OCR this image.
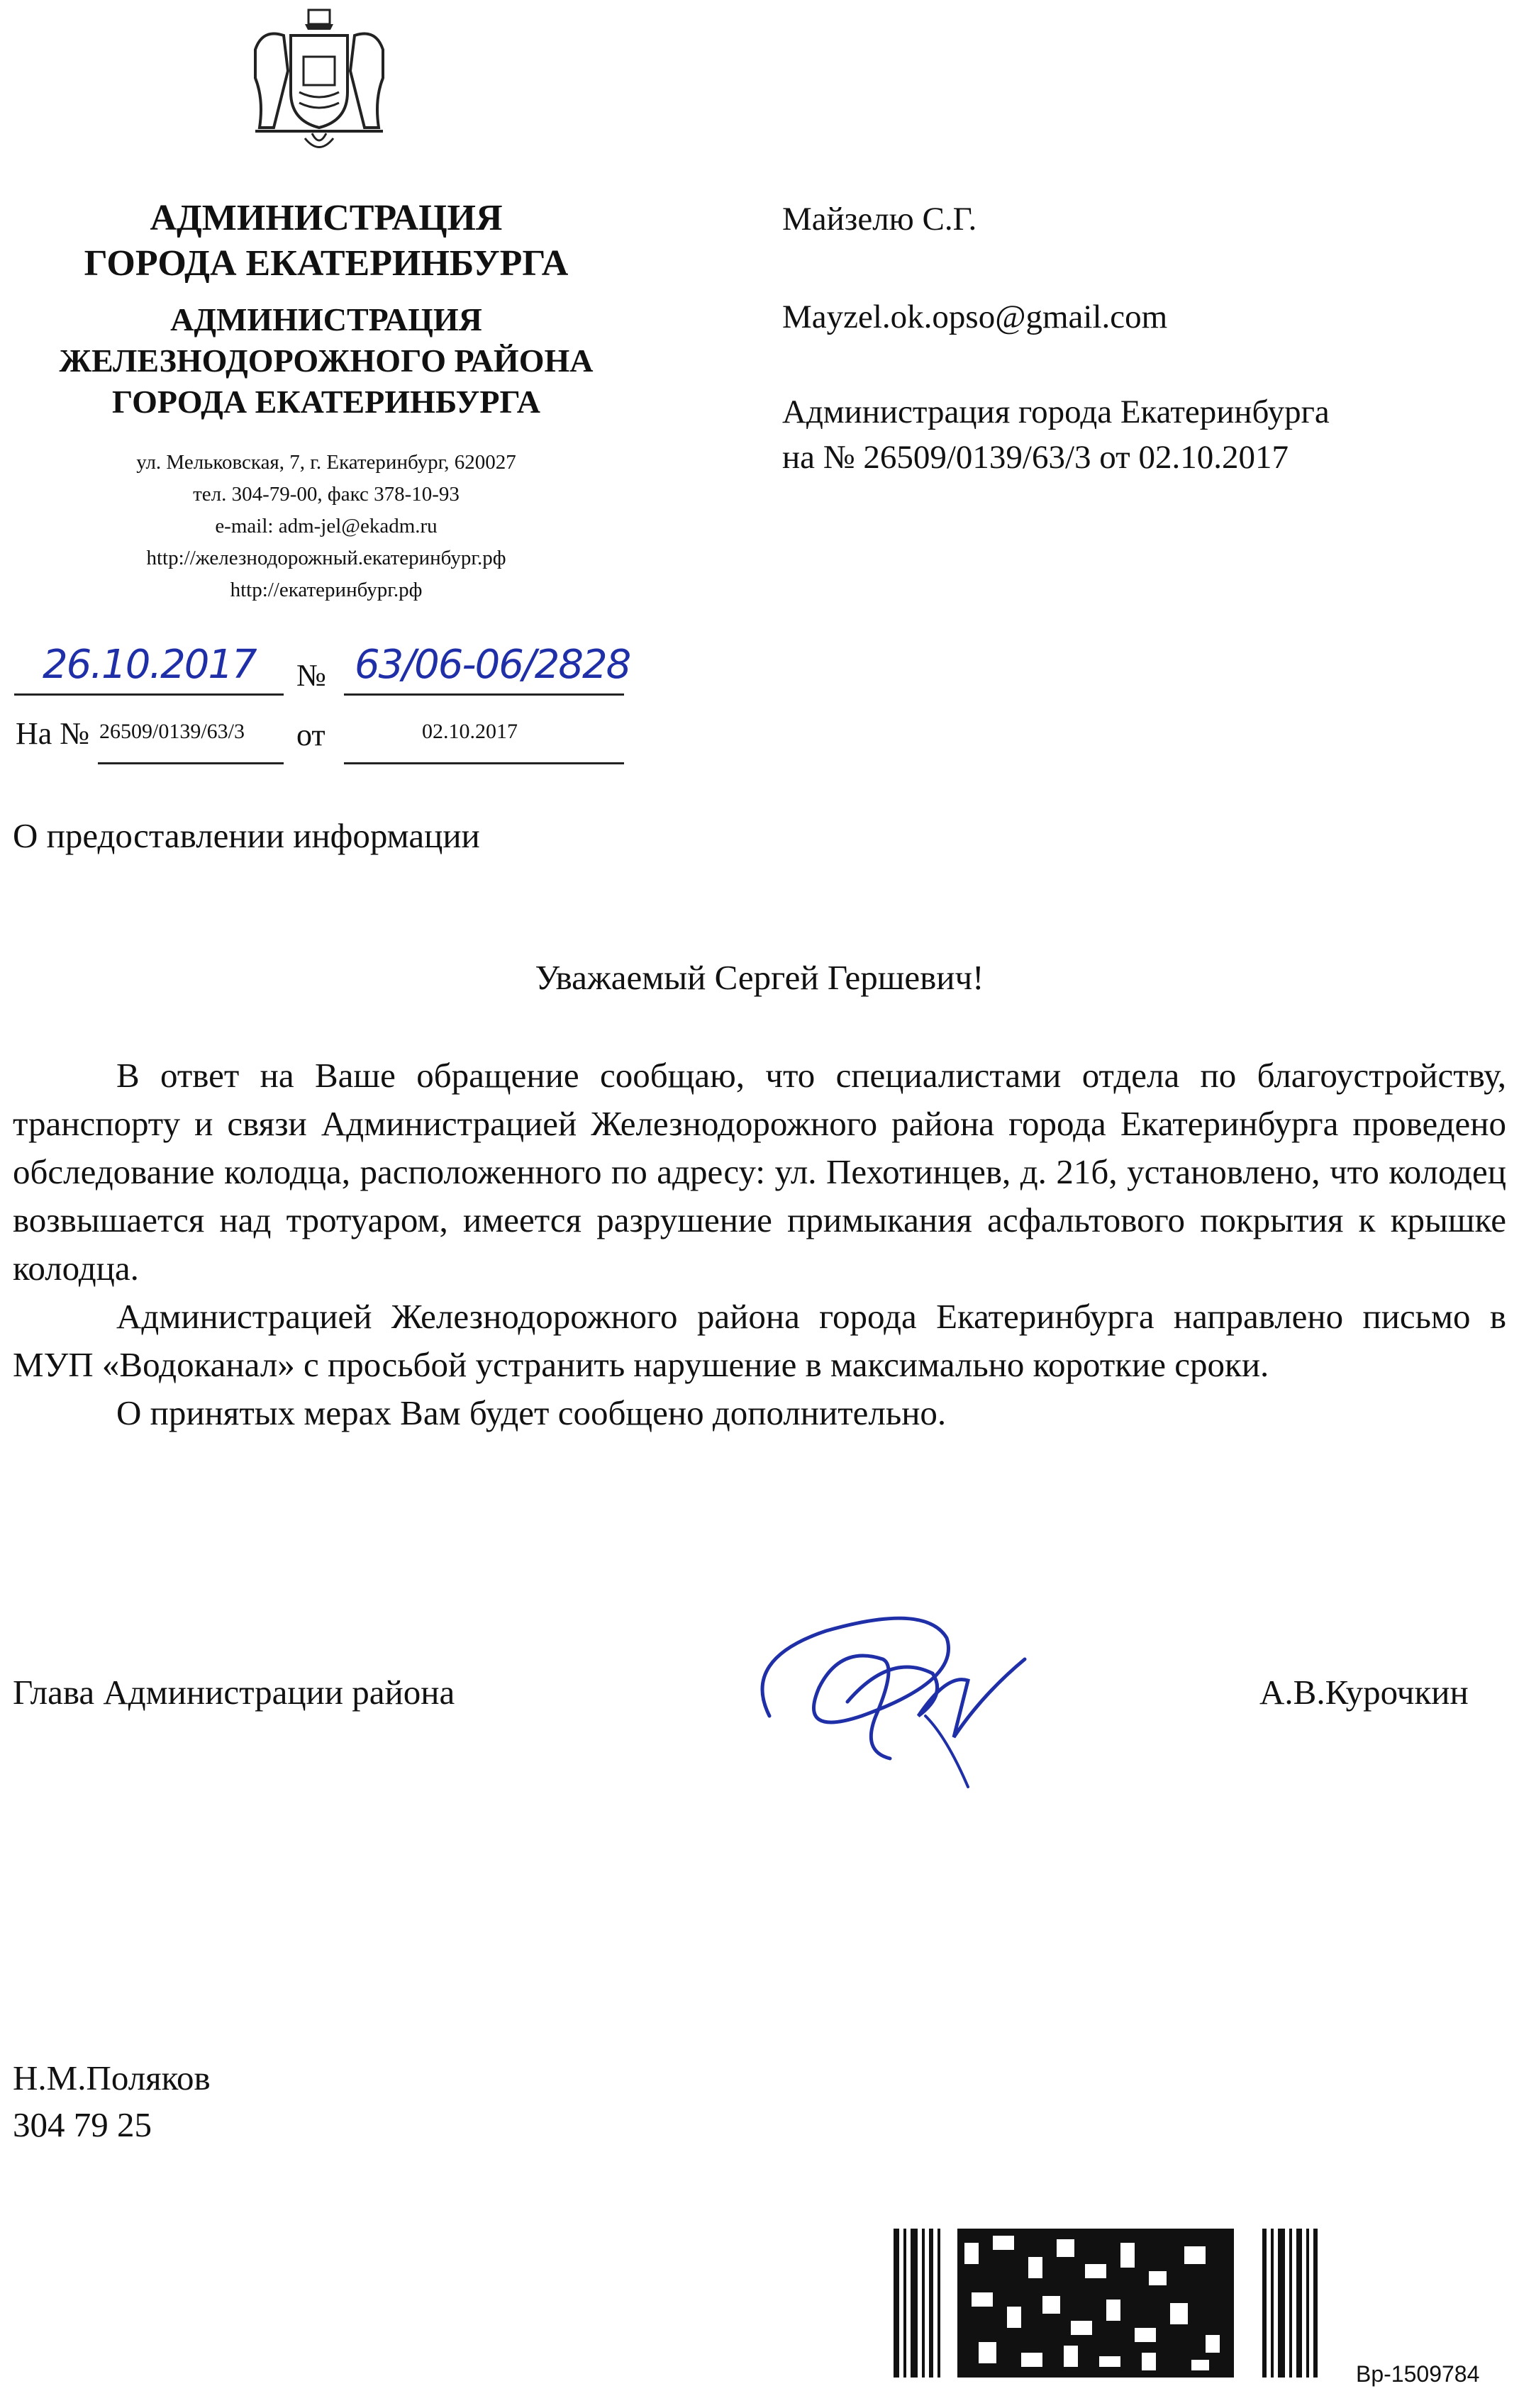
АДМИНИСТРАЦИЯ
ГОРОДА ЕКАТЕРИНБУРГА
АДМИНИСТРАЦИЯ
ЖЕЛЕЗНОДОРОЖНОГО РАЙОНА
ГОРОДА ЕКАТЕРИНБУРГА
ул. Мельковская, 7, г. Екатеринбург, 620027
тел. 304-79-00, факс 378-10-93
e-mail: adm-jel@ekadm.ru
http://железнодорожный.екатеринбург.рф
http://екатеринбург.рф
Майзелю С.Г.
Mayzel.ok.opso@gmail.com
Администрация города Екатеринбурга
на № 26509/0139/63/3 от 02.10.2017
26.10.2017 № 63/06-06/2828
На № 26509/0139/63/3 от	02.10.2017
О предоставлении информации
Уважаемый Сергей Гершевич!

В ответ на Ваше обращение сообщаю, что специалистами отдела по благоустройству, транспорту и связи Администрацией Железнодорожного района города Екатеринбурга проведено обследование колодца, расположенного по адресу: ул. Пехотинцев, д. 21б, установлено, что колодец возвышается над тротуаром, имеется разрушение примыкания асфальтового покрытия к крышке колодца.

Администрацией Железнодорожного района города Екатеринбурга направлено письмо в МУП «Водоканал» с просьбой устранить нарушение в максимально короткие сроки.

О принятых мерах Вам будет сообщено дополнительно.

Глава Администрации района	А.В.Курочкин
Н.М.Поляков
304 79 25
Вр-1509784
